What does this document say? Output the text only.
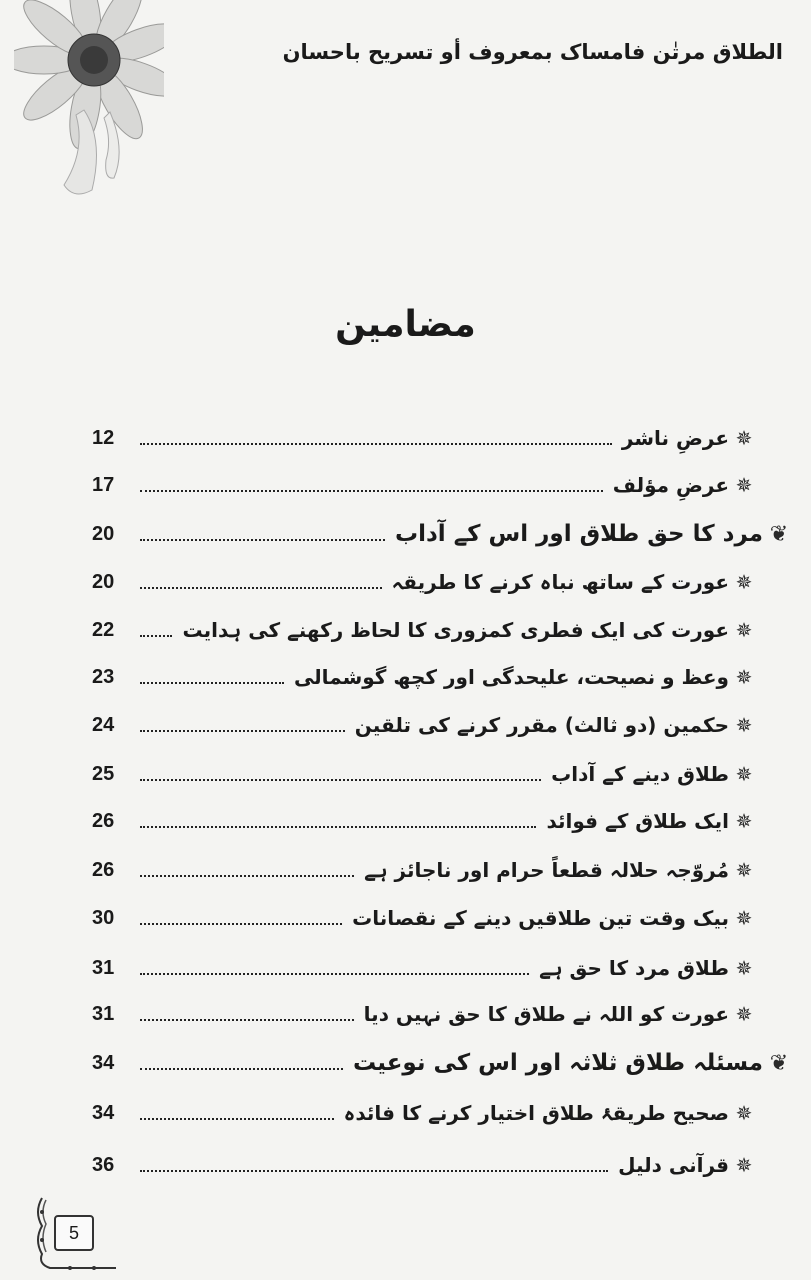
الطلاق مرتٰن فامساک بمعروف أو تسریح باحسان
مضامین
12	عرضِ ناشر ✵
17	عرضِ مؤلف ✵
20	مرد کا حق طلاق اور اس کے آداب ❦
20	عورت کے ساتھ نباہ کرنے کا طریقہ ✵
22	عورت کی ایک فطری کمزوری کا لحاظ رکھنے کی ہدایت ✵
23	وعظ و نصیحت، علیحدگی اور کچھ گوشمالی ✵
24	حکمین (دو ثالث) مقرر کرنے کی تلقین ✵
25	طلاق دینے کے آداب ✵
26	ایک طلاق کے فوائد ✵
26	مُروّجہ حلالہ قطعاً حرام اور ناجائز ہے ✵
30	بیک وقت تین طلاقیں دینے کے نقصانات ✵
31	طلاق مرد کا حق ہے ✵
31	عورت کو اللہ نے طلاق کا حق نہیں دیا ✵
34	مسئلہ طلاق ثلاثہ اور اس کی نوعیت ❦
34	صحیح طریقۂ طلاق اختیار کرنے کا فائدہ ✵
36	قرآنی دلیل ✵
5
